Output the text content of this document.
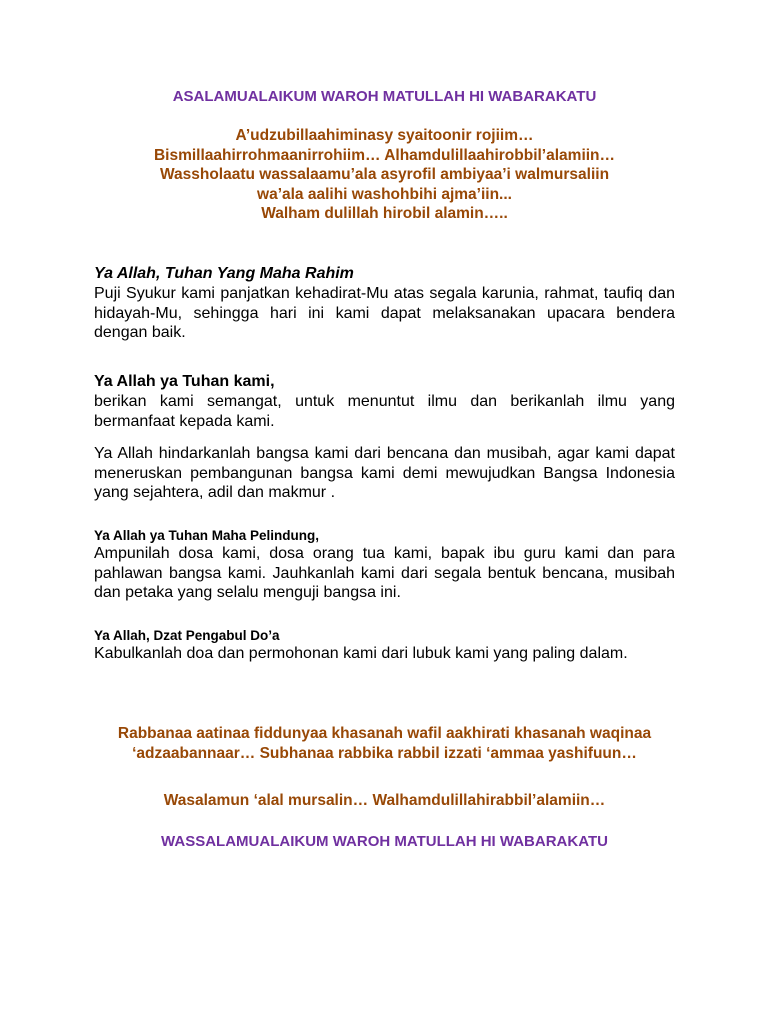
ASALAMUALAIKUM WAROH MATULLAH HI WABARAKATU
A’udzubillaahiminasy syaitoonir rojiim…
Bismillaahirrohmaanirrohiim… Alhamdulillaahirobbil’alamiin…
Wassholaatu wassalaamu’ala asyrofil ambiyaa’i walmursaliin
wa’ala aalihi washohbihi ajma’iin...
Walham dulillah hirobil alamin…..
Ya Allah, Tuhan Yang Maha Rahim
Puji Syukur kami panjatkan kehadirat-Mu atas segala karunia, rahmat, taufiq dan hidayah-Mu, sehingga hari ini kami dapat melaksanakan upacara bendera dengan baik.
Ya Allah ya Tuhan kami,
berikan kami semangat, untuk menuntut ilmu dan berikanlah ilmu yang bermanfaat kepada kami.
Ya Allah hindarkanlah bangsa kami dari bencana dan musibah, agar kami dapat meneruskan pembangunan bangsa kami demi mewujudkan Bangsa Indonesia yang sejahtera, adil dan makmur .
Ya Allah ya Tuhan Maha Pelindung,
Ampunilah dosa kami, dosa orang tua kami, bapak ibu guru kami dan para pahlawan bangsa kami. Jauhkanlah kami dari segala bentuk bencana, musibah dan petaka yang selalu menguji bangsa ini.
Ya Allah, Dzat Pengabul Do’a
Kabulkanlah doa dan permohonan kami dari lubuk kami yang paling dalam.
Rabbanaa aatinaa fiddunyaa khasanah wafil aakhirati khasanah waqinaa ‘adzaabannaar… Subhanaa rabbika rabbil izzati ‘ammaa yashifuun…
Wasalamun ‘alal mursalin… Walhamdulillahirabbil’alamiin…
WASSALAMUALAIKUM WAROH MATULLAH HI WABARAKATU
